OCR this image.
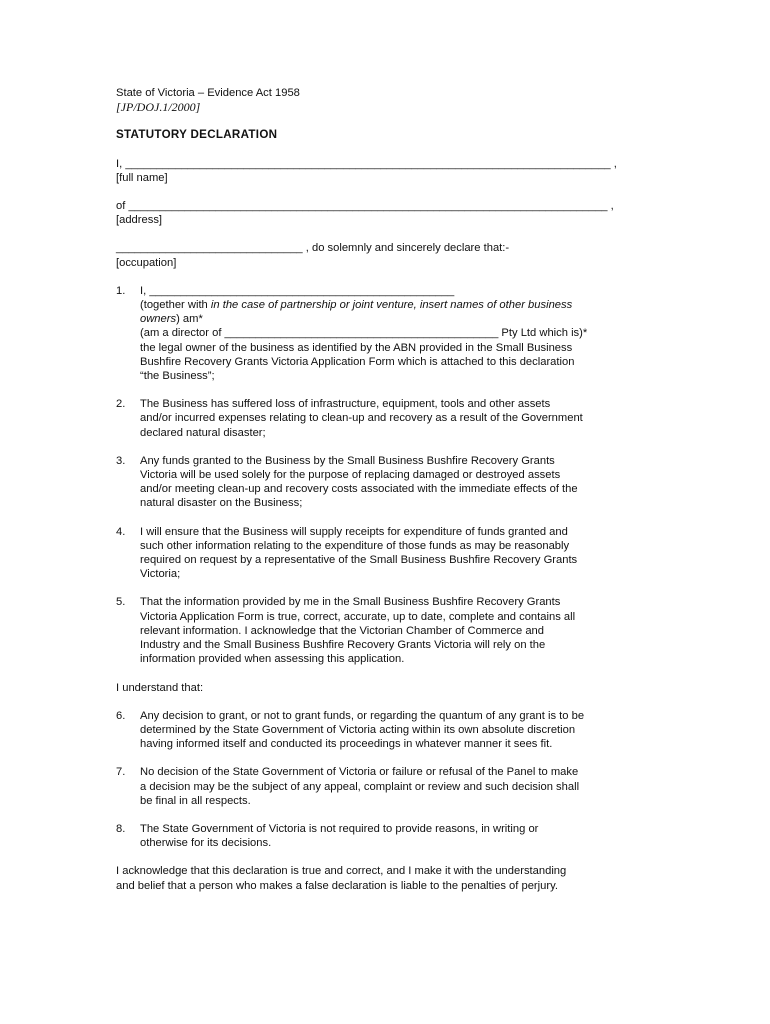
State of Victoria – Evidence Act 1958
[JP/DOJ.1/2000]
STATUTORY DECLARATION
I, ______________________________________________________________________________ ,
[full name]
of _____________________________________________________________________________ ,
[address]
______________________________ , do solemnly and sincerely declare that:-
[occupation]
1.	I, _________________________________________________
(together with in the case of partnership or joint venture, insert names of other business
owners) am*
(am a director of ____________________________________________ Pty Ltd which is)*
the legal owner of the business as identified by the ABN provided in the Small Business
Bushfire Recovery Grants Victoria Application Form which is attached to this declaration
“the Business”;
2.	The Business has suffered loss of infrastructure, equipment, tools and other assets
and/or incurred expenses relating to clean-up and recovery as a result of the Government
declared natural disaster;
3.	Any funds granted to the Business by the Small Business Bushfire Recovery Grants
Victoria will be used solely for the purpose of replacing damaged or destroyed assets
and/or meeting clean-up and recovery costs associated with the immediate effects of the
natural disaster on the Business;
4.	I will ensure that the Business will supply receipts for expenditure of funds granted and
such other information relating to the expenditure of those funds as may be reasonably
required on request by a representative of the Small Business Bushfire Recovery Grants
Victoria;
5.	That the information provided by me in the Small Business Bushfire Recovery Grants
Victoria Application Form is true, correct, accurate, up to date, complete and contains all
relevant information. I acknowledge that the Victorian Chamber of Commerce and
Industry and the Small Business Bushfire Recovery Grants Victoria will rely on the
information provided when assessing this application.
I understand that:
6.	Any decision to grant, or not to grant funds, or regarding the quantum of any grant is to be
determined by the State Government of Victoria acting within its own absolute discretion
having informed itself and conducted its proceedings in whatever manner it sees fit.
7.	No decision of the State Government of Victoria or failure or refusal of the Panel to make
a decision may be the subject of any appeal, complaint or review and such decision shall
be final in all respects.
8.	The State Government of Victoria is not required to provide reasons, in writing or
otherwise for its decisions.
I acknowledge that this declaration is true and correct, and I make it with the understanding
and belief that a person who makes a false declaration is liable to the penalties of perjury.
